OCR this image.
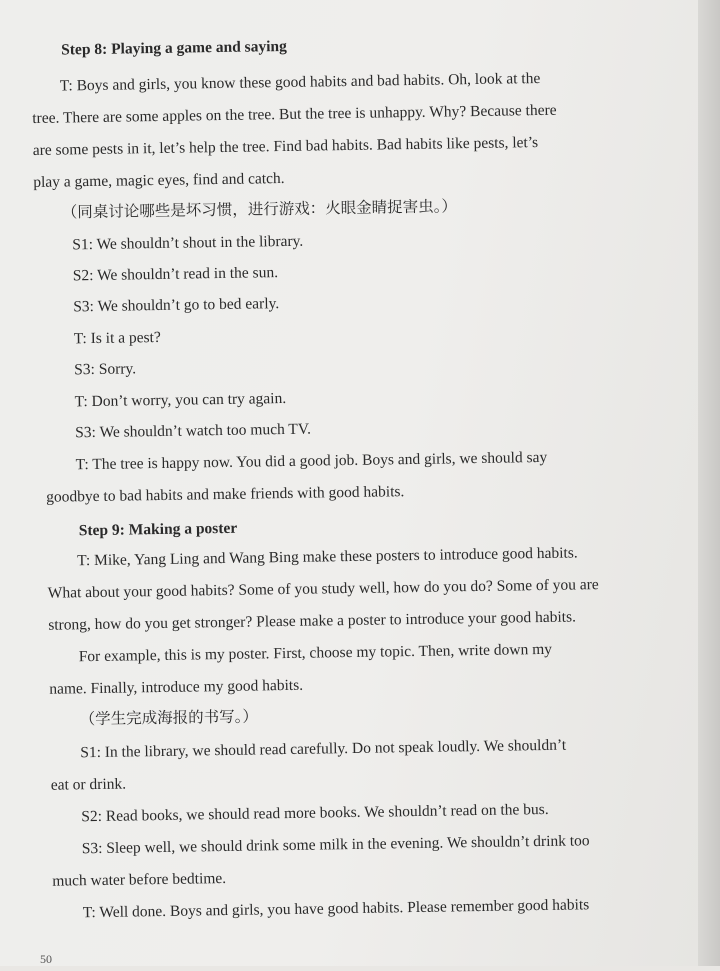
Step 8: Playing a game and saying
T: Boys and girls, you know these good habits and bad habits. Oh, look at the
tree. There are some apples on the tree. But the tree is unhappy. Why? Because there
are some pests in it, let’s help the tree. Find bad habits. Bad habits like pests, let’s
play a game, magic eyes, find and catch.
（同桌讨论哪些是坏习惯，进行游戏：火眼金睛捉害虫。）
S1: We shouldn’t shout in the library.
S2: We shouldn’t read in the sun.
S3: We shouldn’t go to bed early.
T: Is it a pest?
S3: Sorry.
T: Don’t worry, you can try again.
S3: We shouldn’t watch too much TV.
T: The tree is happy now. You did a good job. Boys and girls, we should say
goodbye to bad habits and make friends with good habits.
Step 9: Making a poster
T: Mike, Yang Ling and Wang Bing make these posters to introduce good habits.
What about your good habits? Some of you study well, how do you do? Some of you are
strong, how do you get stronger? Please make a poster to introduce your good habits.
For example, this is my poster. First, choose my topic. Then, write down my
name. Finally, introduce my good habits.
（学生完成海报的书写。）
S1: In the library, we should read carefully. Do not speak loudly. We shouldn’t
eat or drink.
S2: Read books, we should read more books. We shouldn’t read on the bus.
S3: Sleep well, we should drink some milk in the evening. We shouldn’t drink too
much water before bedtime.
T: Well done. Boys and girls, you have good habits. Please remember good habits
50
